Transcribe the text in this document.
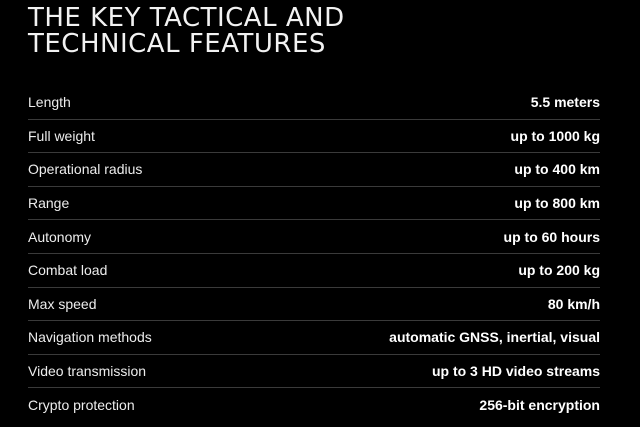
THE KEY TACTICAL AND
TECHNICAL FEATURES
Length	5.5 meters
Full weight	up to 1000 kg
Operational radius	up to 400 km
Range	up to 800 km
Autonomy	up to 60 hours
Combat load	up to 200 kg
Max speed	80 km/h
Navigation methods	automatic GNSS, inertial, visual
Video transmission	up to 3 HD video streams
Crypto protection	256-bit encryption
